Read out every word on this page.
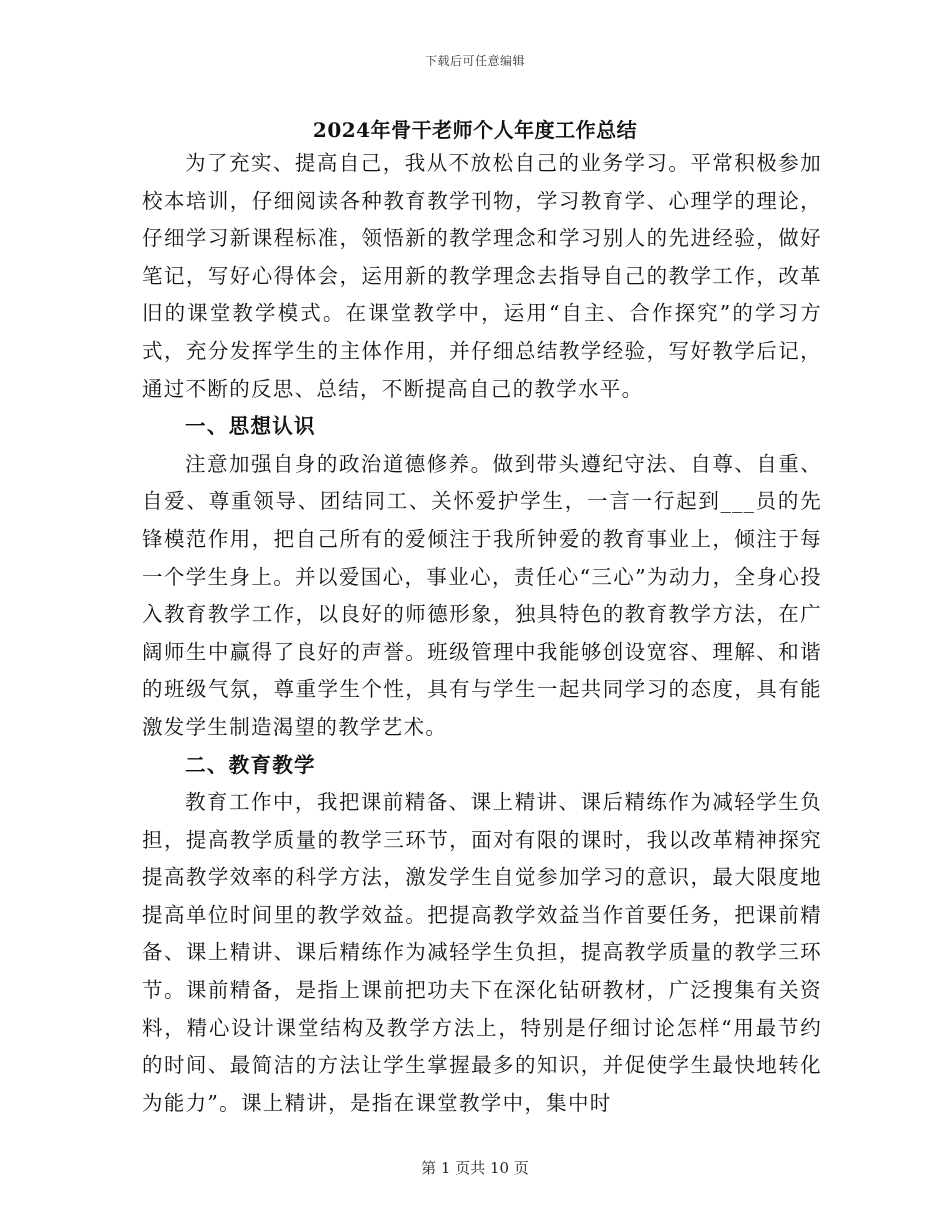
下载后可任意编辑
2024年骨干老师个人年度工作总结

为了充实、提高自己，我从不放松自己的业务学习。平常积极参加校本培训，仔细阅读各种教育教学刊物，学习教育学、心理学的理论，仔细学习新课程标准，领悟新的教学理念和学习别人的先进经验，做好笔记，写好心得体会，运用新的教学理念去指导自己的教学工作，改革旧的课堂教学模式。在课堂教学中，运用“自主、合作探究”的学习方式，充分发挥学生的主体作用，并仔细总结教学经验，写好教学后记，通过不断的反思、总结，不断提高自己的教学水平。

一、思想认识

注意加强自身的政治道德修养。做到带头遵纪守法、自尊、自重、自爱、尊重领导、团结同工、关怀爱护学生，一言一行起到___员的先锋模范作用，把自己所有的爱倾注于我所钟爱的教育事业上，倾注于每一个学生身上。并以爱国心，事业心，责任心“三心”为动力，全身心投入教育教学工作，以良好的师德形象，独具特色的教育教学方法，在广阔师生中赢得了良好的声誉。班级管理中我能够创设宽容、理解、和谐的班级气氛，尊重学生个性，具有与学生一起共同学习的态度，具有能激发学生制造渴望的教学艺术。

二、教育教学

教育工作中，我把课前精备、课上精讲、课后精练作为减轻学生负担，提高教学质量的教学三环节，面对有限的课时，我以改革精神探究提高教学效率的科学方法，激发学生自觉参加学习的意识，最大限度地提高单位时间里的教学效益。把提高教学效益当作首要任务，把课前精备、课上精讲、课后精练作为减轻学生负担，提高教学质量的教学三环节。课前精备，是指上课前把功夫下在深化钻研教材，广泛搜集有关资料，精心设计课堂结构及教学方法上，特别是仔细讨论怎样“用最节约的时间、最简洁的方法让学生掌握最多的知识，并促使学生最快地转化为能力”。课上精讲，是指在课堂教学中，集中时

第 1 页共 10 页
